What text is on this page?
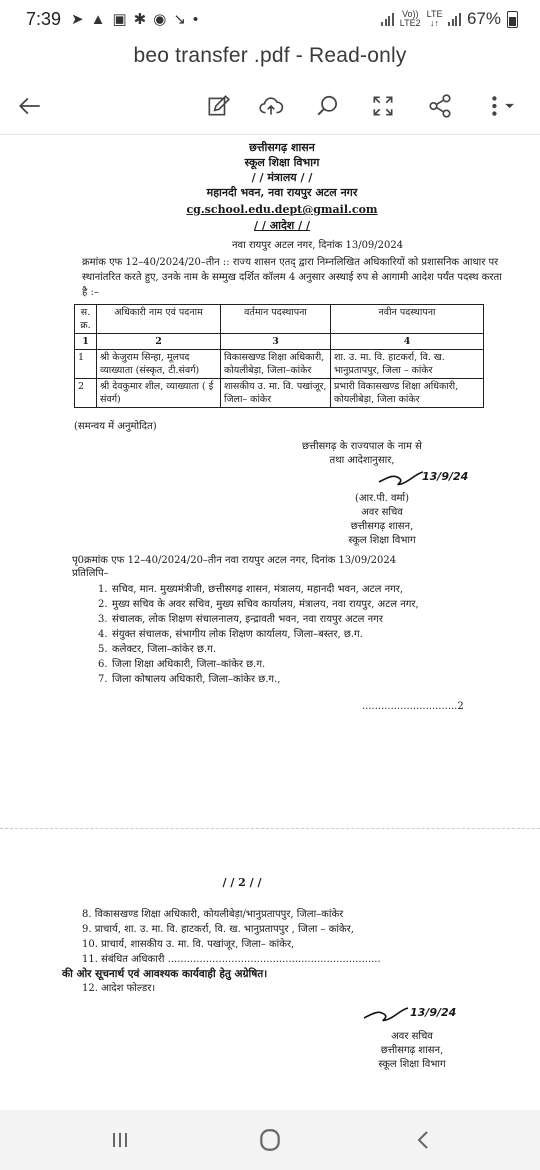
7:39 ➤ ▲ ▣ ✱ ◉ ↘ •	Vo))
LTE2
LTE
↓↑ 67%
beo transfer .pdf - Read-only
छत्तीसगढ़ शासन
स्कूल शिक्षा विभाग
/ / मंत्रालय / /
महानदी भवन, नवा रायपुर अटल नगर
cg.school.edu.dept@gmail.com
/ / आदेश / /
नवा रायपुर अटल नगर, दिनांक 13/09/2024
क्रमांक एफ 12–40/2024/20–तीन :: राज्य शासन एतद् द्वारा निम्नलिखित अधिकारियों को प्रशासनिक आधार पर स्थानांतरित करते हुए, उनके नाम के सम्मुख दर्शित कॉलम 4 अनुसार अस्थाई रुप से आगामी आदेश पर्यंत पदस्थ करता है :–
स. क्र.	अधिकारी नाम एवं पदनाम	वर्तमान पदस्थापना	नवीन पदस्थापना
1	2	3	4
1	श्री केजुराम सिन्हा, मूलपद व्याख्याता (संस्कृत, टी.संवर्ग)	विकासखण्ड शिक्षा अधिकारी, कोयलीबेड़ा, जिला–कांकेर	शा. उ. मा. वि. हाटकर्रा, वि. ख. भानुप्रतापपुर, जिला – कांकेर
2	श्री देवकुमार शील, व्याख्याता ( ई संवर्ग)	शासकीय उ. मा. वि. पखांजूर, जिला– कांकेर	प्रभारी विकासखण्ड शिक्षा अधिकारी, कोयलीबेड़ा, जिला कांकेर
(समन्वय में अनुमोदित)
छत्तीसगढ़ के राज्यपाल के नाम से
तथा आदेशानुसार,
13/9/24
(आर.पी. वर्मा)
अवर सचिव
छत्तीसगढ़ शासन,
स्कूल शिक्षा विभाग
पृ0क्रमांक एफ 12–40/2024/20–तीन नवा रायपुर अटल नगर, दिनांक 13/09/2024
प्रतिलिपि–
1. सचिव, मान. मुख्यमंत्रीजी, छत्तीसगढ़ शासन, मंत्रालय, महानदी भवन, अटल नगर,
2. मुख्य सचिव के अवर सचिव, मुख्य सचिव कार्यालय, मंत्रालय, नवा रायपुर, अटल नगर,
3. संचालक, लोक शिक्षण संचालनालय, इन्द्रावती भवन, नवा रायपुर अटल नगर
4. संयुक्त संचालक, संभागीय लोक शिक्षण कार्यालय, जिला–बस्तर, छ.ग.
5. कलेक्टर, जिला–कांकेर छ.ग.
6. जिला शिक्षा अधिकारी, जिला–कांकेर छ.ग.
7. जिला कोषालय अधिकारी, जिला–कांकेर छ.ग.,
..............................2
/ / 2 / /
8. विकासखण्ड शिक्षा अधिकारी, कोयलीबेड़ा/भानुप्रतापपुर, जिला–कांकेर
9. प्राचार्य, शा. उ. मा. वि. हाटकर्रा, वि. ख. भानुप्रतापपुर , जिला – कांकेर,
10. प्राचार्य, शासकीय उ. मा. वि. पखांजूर, जिला– कांकेर,
11. संबंधित अधिकारी ...................................................................
की ओर सूचनार्थ एवं आवश्यक कार्यवाही हेतु अग्रेषित।
12. आदेश फोल्डर।
13/9/24
अवर सचिव
छत्तीसगढ़ शासन,
स्कूल शिक्षा विभाग
